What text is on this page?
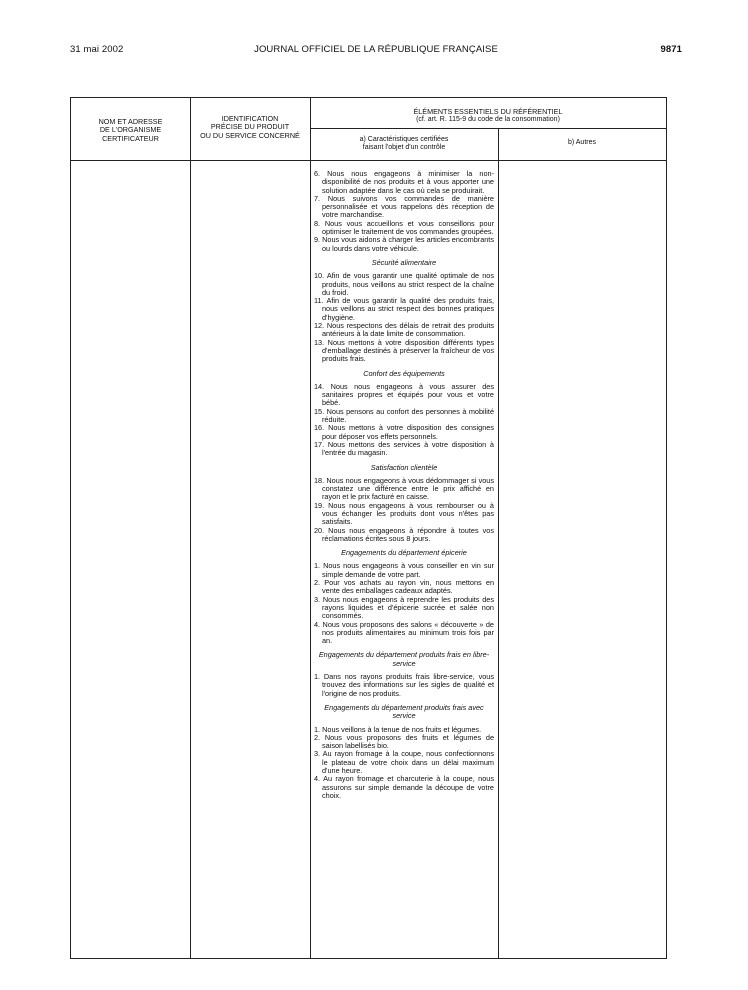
31 mai 2002	JOURNAL OFFICIEL DE LA RÉPUBLIQUE FRANÇAISE	9871
NOM ET ADRESSE
DE L'ORGANISME CERTIFICATEUR
IDENTIFICATION
PRÉCISE DU PRODUIT
OU DU SERVICE CONCERNÉ
ÉLÉMENTS ESSENTIELS DU RÉFÉRENTIEL
(cf. art. R. 115-9 du code de la consommation)
a) Caractéristiques certifiées
faisant l'objet d'un contrôle
b) Autres

6. Nous nous engageons à minimiser la non-disponibilité de nos produits et à vous apporter une solution adaptée dans le cas où cela se produirait.

7. Nous suivons vos commandes de manière personnalisée et vous rappelons dès réception de votre marchandise.

8. Nous vous accueillons et vous conseillons pour optimiser le traitement de vos commandes groupées.

9. Nous vous aidons à charger les articles encombrants ou lourds dans votre véhicule.

Sécurité alimentaire

10. Afin de vous garantir une qualité optimale de nos produits, nous veillons au strict respect de la chaîne du froid.

11. Afin de vous garantir la qualité des produits frais, nous veillons au strict respect des bonnes pratiques d'hygiène.

12. Nous respectons des délais de retrait des produits antérieurs à la date limite de consommation.

13. Nous mettons à votre disposition différents types d'emballage destinés à préserver la fraîcheur de vos produits frais.

Confort des équipements

14. Nous nous engageons à vous assurer des sanitaires propres et équipés pour vous et votre bébé.

15. Nous pensons au confort des personnes à mobilité réduite.

16. Nous mettons à votre disposition des consignes pour déposer vos effets personnels.

17. Nous mettons des services à votre disposition à l'entrée du magasin.

Satisfaction clientèle

18. Nous nous engageons à vous dédommager si vous constatez une différence entre le prix affiché en rayon et le prix facturé en caisse.

19. Nous nous engageons à vous rembourser ou à vous échanger les produits dont vous n'êtes pas satisfaits.

20. Nous nous engageons à répondre à toutes vos réclamations écrites sous 8 jours.

Engagements du département épicerie

1. Nous nous engageons à vous conseiller en vin sur simple demande de votre part.

2. Pour vos achats au rayon vin, nous mettons en vente des emballages cadeaux adaptés.

3. Nous nous engageons à reprendre les produits des rayons liquides et d'épicerie sucrée et salée non consommés.

4. Nous vous proposons des salons « découverte » de nos produits alimentaires au minimum trois fois par an.

Engagements du département produits frais en libre-service

1. Dans nos rayons produits frais libre-service, vous trouvez des informations sur les sigles de qualité et l'origine de nos produits.

Engagements du département produits frais avec service

1. Nous veillons à la tenue de nos fruits et légumes.

2. Nous vous proposons des fruits et légumes de saison labellisés bio.

3. Au rayon fromage à la coupe, nous confectionnons le plateau de votre choix dans un délai maximum d'une heure.

4. Au rayon fromage et charcuterie à la coupe, nous assurons sur simple demande la découpe de votre choix.
